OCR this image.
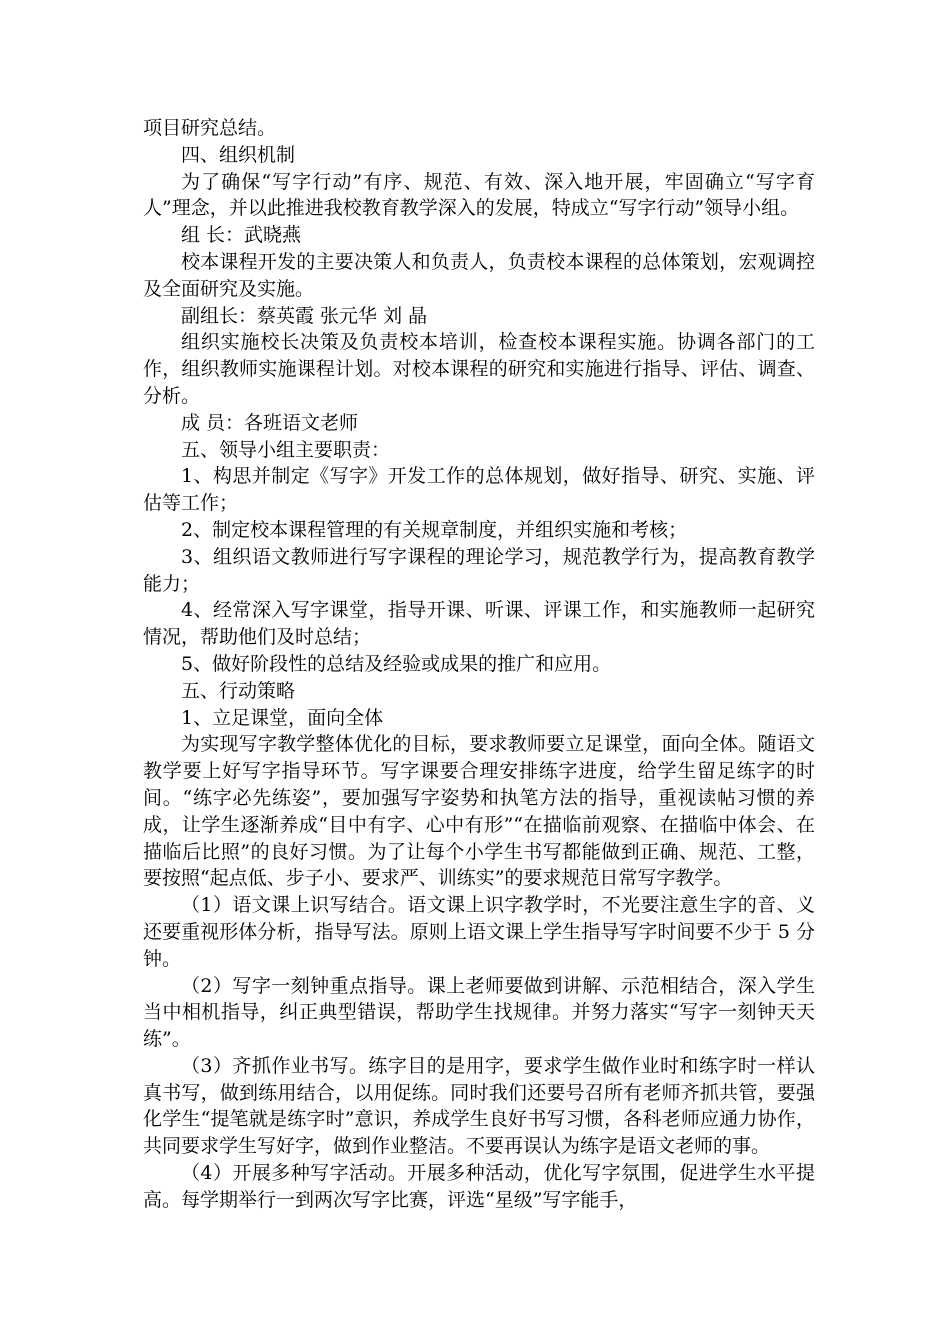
项目研究总结。

四、组织机制

为了确保“写字行动”有序、规范、有效、深入地开展，牢固确立“写字育人”理念，并以此推进我校教育教学深入的发展，特成立“写字行动”领导小组。

组 长：武晓燕

校本课程开发的主要决策人和负责人，负责校本课程的总体策划，宏观调控及全面研究及实施。

副组长：蔡英霞 张元华 刘 晶

组织实施校长决策及负责校本培训，检查校本课程实施。协调各部门的工作，组织教师实施课程计划。对校本课程的研究和实施进行指导、评估、调查、分析。

成 员：各班语文老师

五、领导小组主要职责：

1、构思并制定《写字》开发工作的总体规划，做好指导、研究、实施、评估等工作；

2、制定校本课程管理的有关规章制度，并组织实施和考核；

3、组织语文教师进行写字课程的理论学习，规范教学行为，提高教育教学能力；

4、经常深入写字课堂，指导开课、听课、评课工作，和实施教师一起研究情况，帮助他们及时总结；

5、做好阶段性的总结及经验或成果的推广和应用。

五、行动策略

1、立足课堂，面向全体

为实现写字教学整体优化的目标，要求教师要立足课堂，面向全体。随语文教学要上好写字指导环节。写字课要合理安排练字进度，给学生留足练字的时间。“练字必先练姿”，要加强写字姿势和执笔方法的指导，重视读帖习惯的养成，让学生逐渐养成“目中有字、心中有形”“在描临前观察、在描临中体会、在描临后比照”的良好习惯。为了让每个小学生书写都能做到正确、规范、工整，要按照“起点低、步子小、要求严、训练实”的要求规范日常写字教学。

（1）语文课上识写结合。语文课上识字教学时，不光要注意生字的音、义还要重视形体分析，指导写法。原则上语文课上学生指导写字时间要不少于 5 分钟。

（2）写字一刻钟重点指导。课上老师要做到讲解、示范相结合，深入学生当中相机指导，纠正典型错误，帮助学生找规律。并努力落实“写字一刻钟天天练”。

（3）齐抓作业书写。练字目的是用字，要求学生做作业时和练字时一样认真书写，做到练用结合，以用促练。同时我们还要号召所有老师齐抓共管，要强化学生“提笔就是练字时”意识，养成学生良好书写习惯，各科老师应通力协作，共同要求学生写好字，做到作业整洁。不要再误认为练字是语文老师的事。

（4）开展多种写字活动。开展多种活动，优化写字氛围，促进学生水平提高。每学期举行一到两次写字比赛，评选“星级”写字能手，
